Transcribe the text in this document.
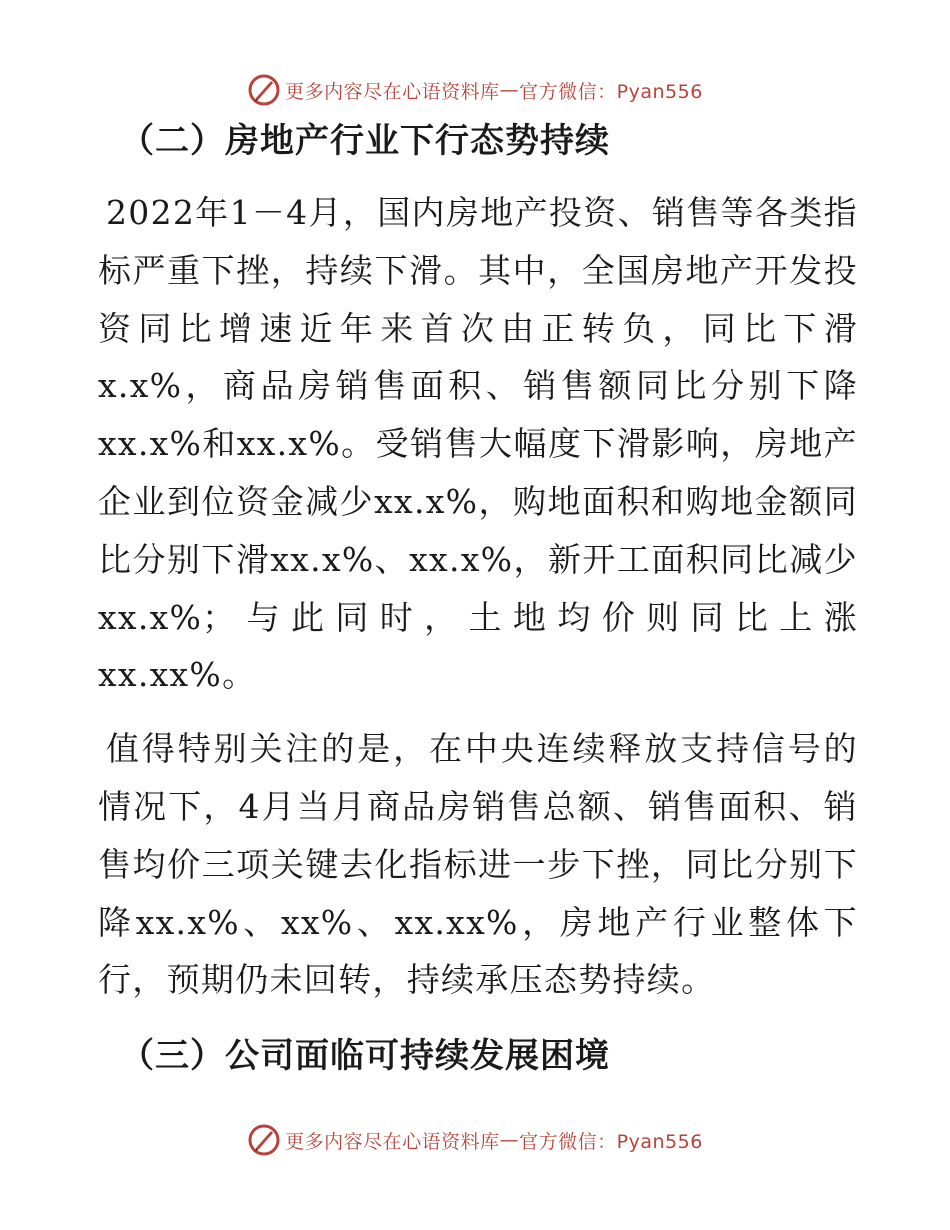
更多内容尽在心语资料库 — 官方微信：Pyan556
（二）房地产行业下行态势持续

2022年1－4月，国内房地产投资、销售等各类指标严重下挫，持续下滑。其中，全国房地产开发投资同比增速近年来首次由正转负，同比下滑x.x%，商品房销售面积、销售额同比分别下降xx.x%和xx.x%。受销售大幅度下滑影响，房地产企业到位资金减少xx.x%，购地面积和购地金额同比分别下滑xx.x%、xx.x%，新开工面积同比减少xx.x%；与此同时，土地均价则同比上涨xx.xx%。

值得特别关注的是，在中央连续释放支持信号的情况下，4月当月商品房销售总额、销售面积、销售均价三项关键去化指标进一步下挫，同比分别下降xx.x%、xx%、xx.xx%，房地产行业整体下行，预期仍未回转，持续承压态势持续。

（三）公司面临可持续发展困境
更多内容尽在心语资料库 — 官方微信：Pyan556
